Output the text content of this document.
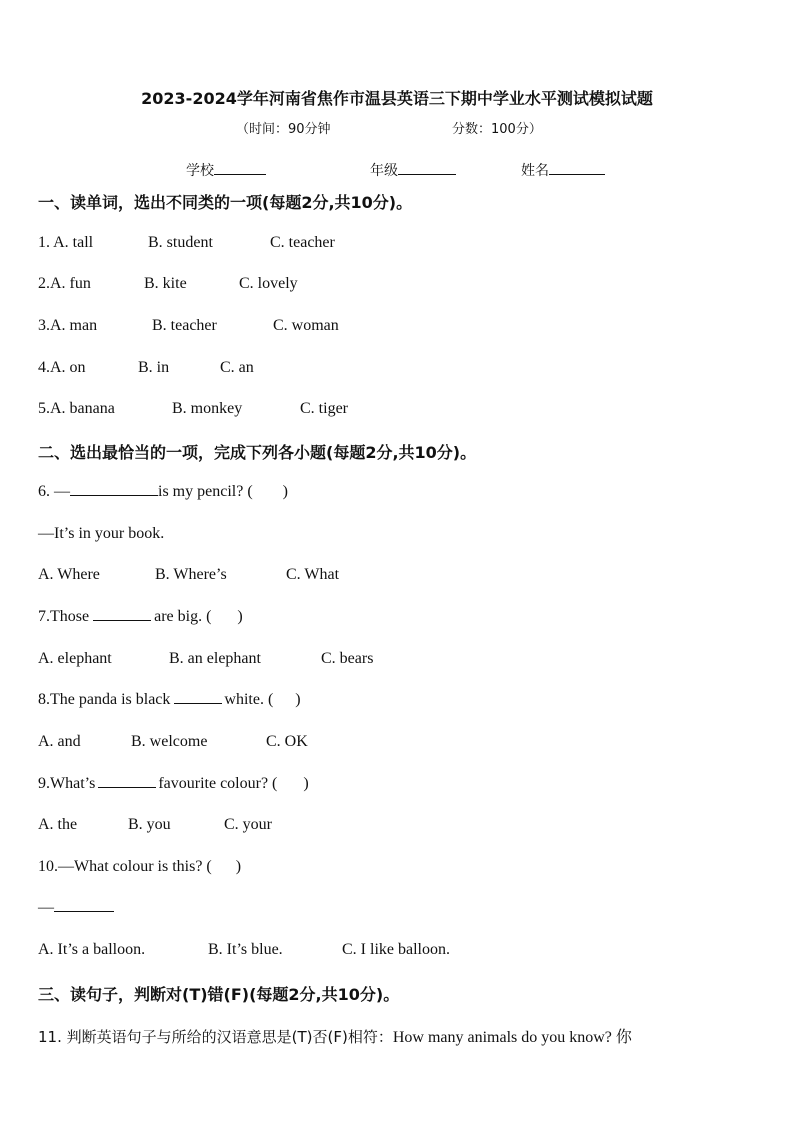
2023-2024学年河南省焦作市温县英语三下期中学业水平测试模拟试题
（时间：90分钟	分数：100分）
学校	年级	姓名
一、读单词，选出不同类的一项(每题2分,共10分)。
1. A. tall	B. student	C. teacher
2.A. fun	B. kite	C. lovely
3.A. man	B. teacher	C. woman
4.A. on	B. in	C. an
5.A. banana	B. monkey	C. tiger
二、选出最恰当的一项，完成下列各小题(每题2分,共10分)。
6. —	is my pencil? ( )
—It’s in your book.
A. Where	B. Where’s	C. What
7.Those	are big. ( )
A. elephant	B. an elephant	C. bears
8.The panda is black	white. ( )
A. and	B. welcome	C. OK
9.What’s	favourite colour? ( )
A. the	B. you	C. your
10.—What colour is this? ( )
—
A. It’s a balloon.	B. It’s blue.	C. I like balloon.
三、读句子，判断对(T)错(F)(每题2分,共10分)。
11. 判断英语句子与所给的汉语意思是(T)否(F)相符：How many animals do you know? 你
